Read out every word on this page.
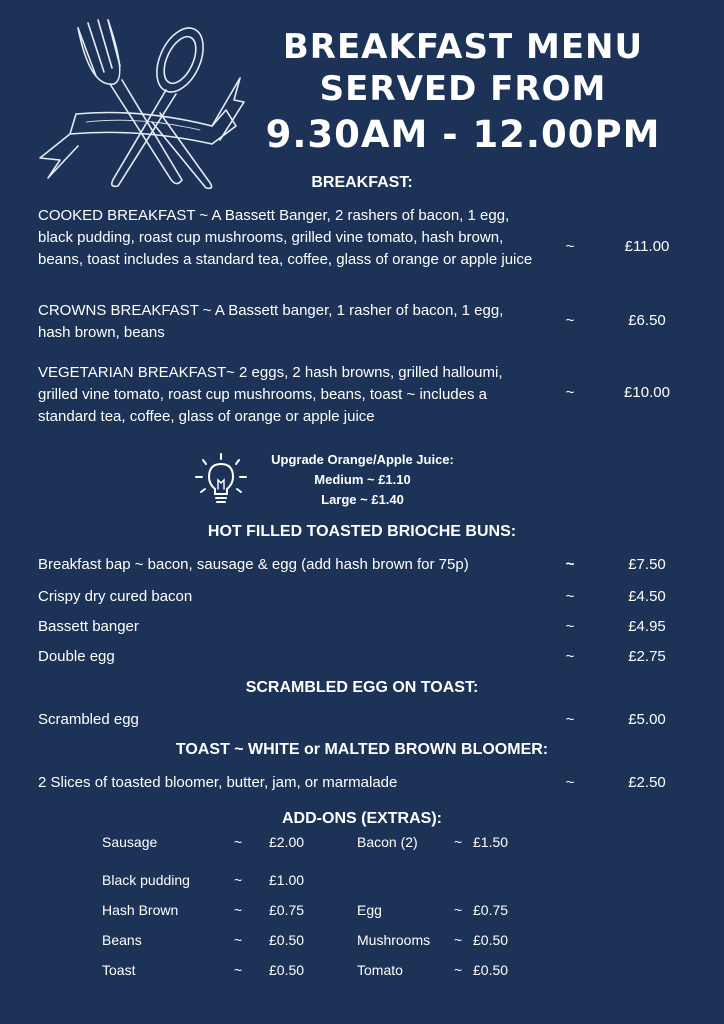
BREAKFAST MENU
SERVED FROM
9.30AM - 12.00PM
BREAKFAST:
COOKED BREAKFAST ~ A Bassett Banger, 2 rashers of bacon, 1 egg, black pudding, roast cup mushrooms, grilled vine tomato, hash brown, beans, toast includes a standard tea, coffee, glass of orange or apple juice
~	£11.00
CROWNS BREAKFAST ~ A Bassett banger, 1 rasher of bacon, 1 egg, hash brown, beans
~	£6.50
VEGETARIAN BREAKFAST~ 2 eggs, 2 hash browns, grilled halloumi, grilled vine tomato, roast cup mushrooms, beans, toast ~ includes a standard tea, coffee, glass of orange or apple juice
~	£10.00
Upgrade Orange/Apple Juice:
Medium ~ £1.10
Large ~ £1.40
HOT FILLED TOASTED BRIOCHE BUNS:
Breakfast bap ~ bacon, sausage & egg (add hash brown for 75p)	~	£7.50
Crispy dry cured bacon	~	£4.50
Bassett banger	~	£4.95
Double egg	~	£2.75
SCRAMBLED EGG ON TOAST:
Scrambled egg	~	£5.00
TOAST ~ WHITE or MALTED BROWN BLOOMER:
2 Slices of toasted bloomer, butter, jam, or marmalade	~	£2.50
ADD-ONS (EXTRAS):
Sausage	~ £2.00	Bacon (2)	~ £1.50
Black pudding	~ £1.00
Hash Brown	~ £0.75	Egg	~ £0.75
Beans	~ £0.50	Mushrooms ~ £0.50
Toast	~ £0.50	Tomato	~ £0.50
